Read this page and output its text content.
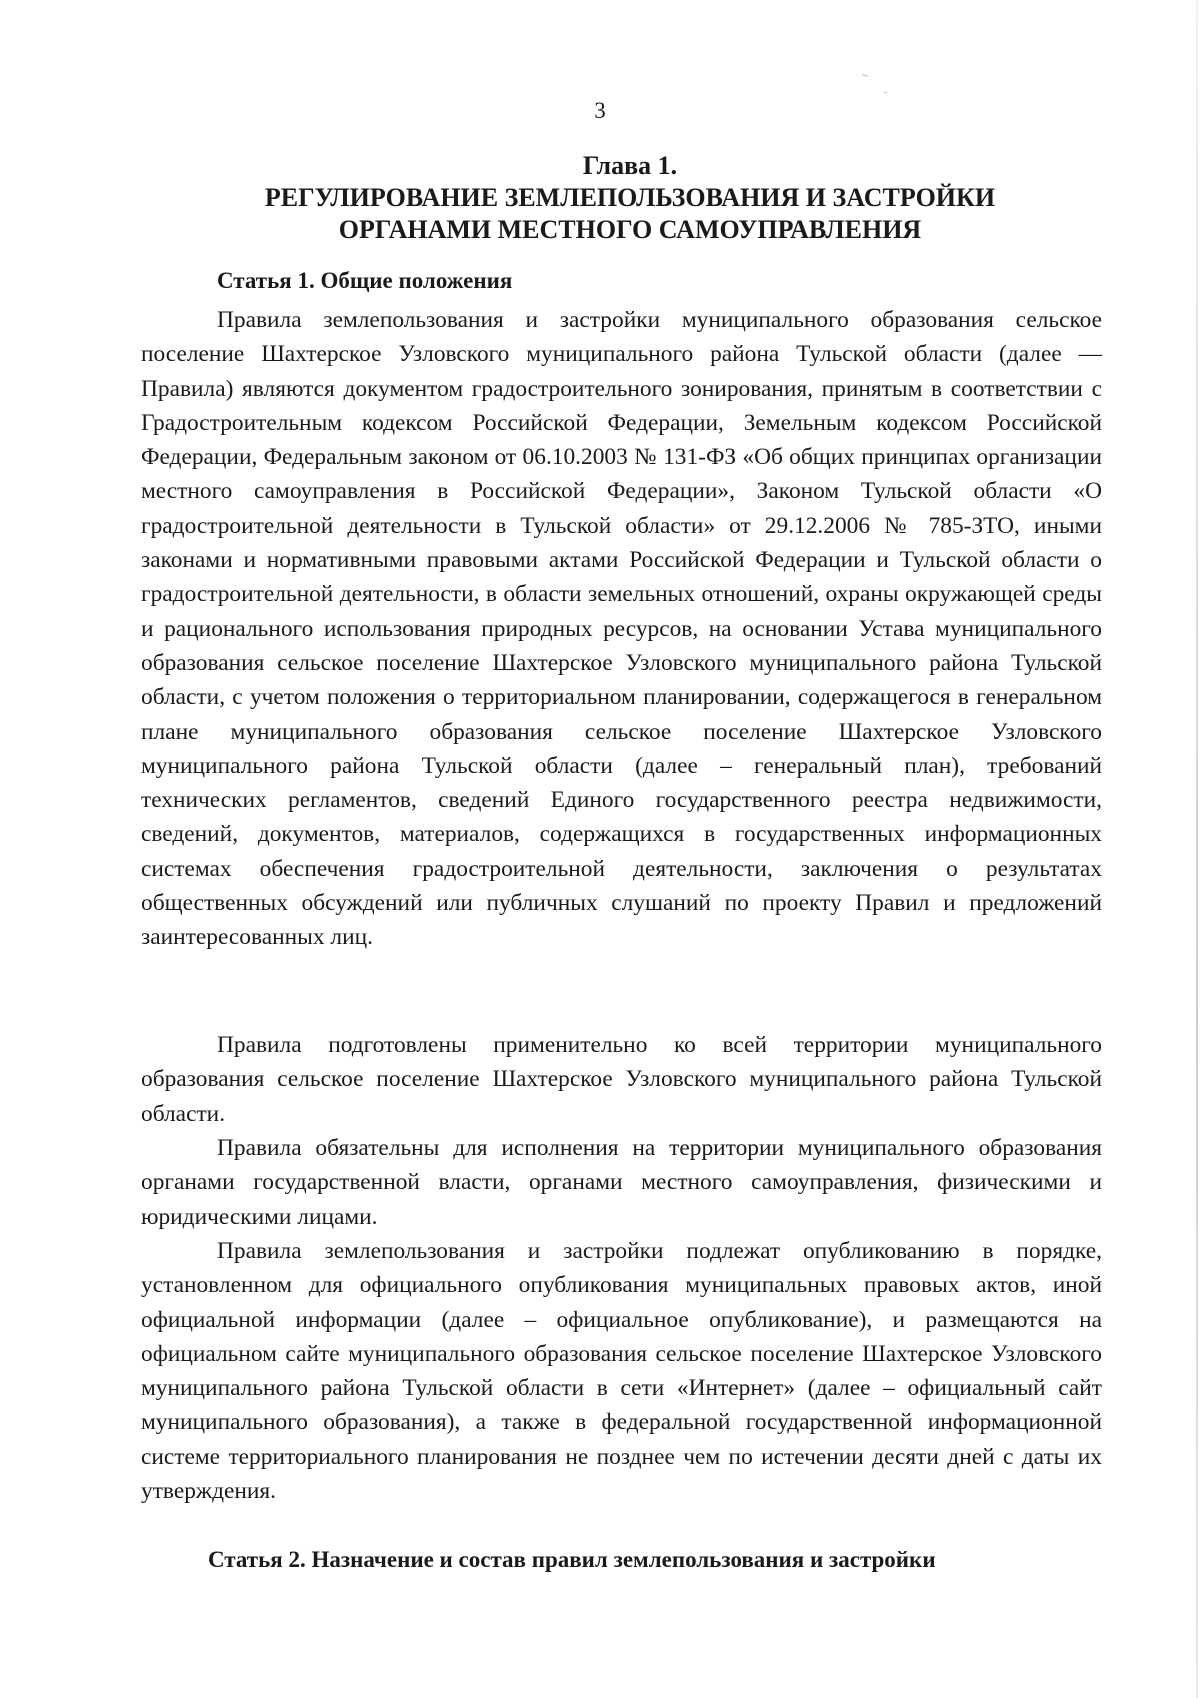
3
Глава 1.
РЕГУЛИРОВАНИЕ ЗЕМЛЕПОЛЬЗОВАНИЯ И ЗАСТРОЙКИ
ОРГАНАМИ МЕСТНОГО САМОУПРАВЛЕНИЯ
Статья 1. Общие положения

Правила землепользования и застройки муниципального образования сельское поселение Шахтерское Узловского муниципального района Тульской области (далее — Правила) являются документом градостроительного зонирования, принятым в соответствии с Градостроительным кодексом Российской Федерации, Земельным кодексом Российской Федерации, Федеральным законом от 06.10.2003 № 131-ФЗ «Об общих принципах организации местного самоуправления в Российской Федерации», Законом Тульской области «О градостроительной деятельности в Тульской области» от 29.12.2006 № 785-ЗТО, иными законами и нормативными правовыми актами Российской Федерации и Тульской области о градостроительной деятельности, в области земельных отношений, охраны окружающей среды и рационального использования природных ресурсов, на основании Устава муниципального образования сельское поселение Шахтерское Узловского муниципального района Тульской области, с учетом положения о территориальном планировании, содержащегося в генеральном плане муниципального образования сельское поселение Шахтерское Узловского муниципального района Тульской области (далее – генеральный план), требований технических регламентов, сведений Единого государственного реестра недвижимости, сведений, документов, материалов, содержащихся в государственных информационных системах обеспечения градостроительной деятельности, заключения о результатах общественных обсуждений или публичных слушаний по проекту Правил и предложений заинтересованных лиц.

Правила подготовлены применительно ко всей территории муниципального образования сельское поселение Шахтерское Узловского муниципального района Тульской области.

Правила обязательны для исполнения на территории муниципального образования органами государственной власти, органами местного самоуправления, физическими и юридическими лицами.

Правила землепользования и застройки подлежат опубликованию в порядке, установленном для официального опубликования муниципальных правовых актов, иной официальной информации (далее – официальное опубликование), и размещаются на официальном сайте муниципального образования сельское поселение Шахтерское Узловского муниципального района Тульской области в сети «Интернет» (далее – официальный сайт муниципального образования), а также в федеральной государственной информационной системе территориального планирования не позднее чем по истечении десяти дней с даты их утверждения.

Статья 2. Назначение и состав правил землепользования и застройки
